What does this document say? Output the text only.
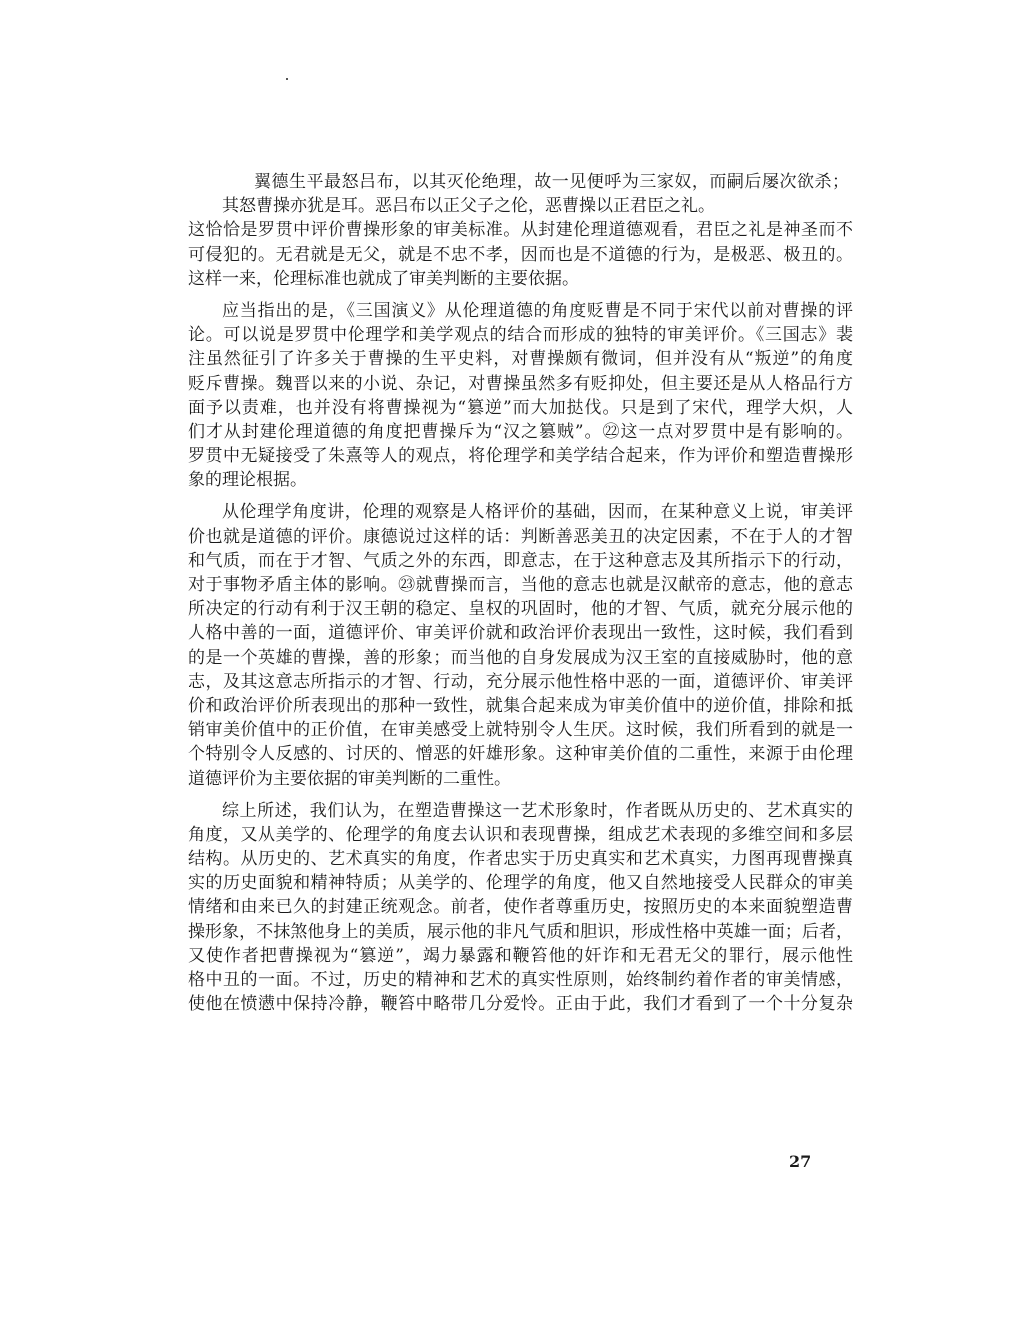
翼德生平最怒吕布，以其灭伦绝理，故一见便呼为三家奴，而嗣后屡次欲杀；
其怒曹操亦犹是耳。恶吕布以正父子之伦，恶曹操以正君臣之礼。
这恰恰是罗贯中评价曹操形象的审美标准。从封建伦理道德观看，君臣之礼是神圣而不
可侵犯的。无君就是无父，就是不忠不孝，因而也是不道德的行为，是极恶、极丑的。
这样一来，伦理标准也就成了审美判断的主要依据。
应当指出的是，《三国演义》从伦理道德的角度贬曹是不同于宋代以前对曹操的评
论。可以说是罗贯中伦理学和美学观点的结合而形成的独特的审美评价。《三国志》裴
注虽然征引了许多关于曹操的生平史料，对曹操颇有微词，但并没有从“叛逆”的角度
贬斥曹操。魏晋以来的小说、杂记，对曹操虽然多有贬抑处，但主要还是从人格品行方
面予以责难，也并没有将曹操视为“篡逆”而大加挞伐。只是到了宋代，理学大炽，人
们才从封建伦理道德的角度把曹操斥为“汉之篡贼”。㉒这一点对罗贯中是有影响的。
罗贯中无疑接受了朱熹等人的观点，将伦理学和美学结合起来，作为评价和塑造曹操形
象的理论根据。
从伦理学角度讲，伦理的观察是人格评价的基础，因而，在某种意义上说，审美评
价也就是道德的评价。康德说过这样的话：判断善恶美丑的决定因素，不在于人的才智
和气质，而在于才智、气质之外的东西，即意志，在于这种意志及其所指示下的行动，
对于事物矛盾主体的影响。㉓就曹操而言，当他的意志也就是汉献帝的意志，他的意志
所决定的行动有利于汉王朝的稳定、皇权的巩固时，他的才智、气质，就充分展示他的
人格中善的一面，道德评价、审美评价就和政治评价表现出一致性，这时候，我们看到
的是一个英雄的曹操，善的形象；而当他的自身发展成为汉王室的直接威胁时，他的意
志，及其这意志所指示的才智、行动，充分展示他性格中恶的一面，道德评价、审美评
价和政治评价所表现出的那种一致性，就集合起来成为审美价值中的逆价值，排除和抵
销审美价值中的正价值，在审美感受上就特别令人生厌。这时候，我们所看到的就是一
个特别令人反感的、讨厌的、憎恶的奸雄形象。这种审美价值的二重性，来源于由伦理
道德评价为主要依据的审美判断的二重性。
综上所述，我们认为，在塑造曹操这一艺术形象时，作者既从历史的、艺术真实的
角度，又从美学的、伦理学的角度去认识和表现曹操，组成艺术表现的多维空间和多层
结构。从历史的、艺术真实的角度，作者忠实于历史真实和艺术真实，力图再现曹操真
实的历史面貌和精神特质；从美学的、伦理学的角度，他又自然地接受人民群众的审美
情绪和由来已久的封建正统观念。前者，使作者尊重历史，按照历史的本来面貌塑造曹
操形象，不抹煞他身上的美质，展示他的非凡气质和胆识，形成性格中英雄一面；后者，
又使作者把曹操视为“篡逆”，竭力暴露和鞭笞他的奸诈和无君无父的罪行，展示他性
格中丑的一面。不过，历史的精神和艺术的真实性原则，始终制约着作者的审美情感，
使他在愤懑中保持冷静，鞭笞中略带几分爱怜。正由于此，我们才看到了一个十分复杂
27
